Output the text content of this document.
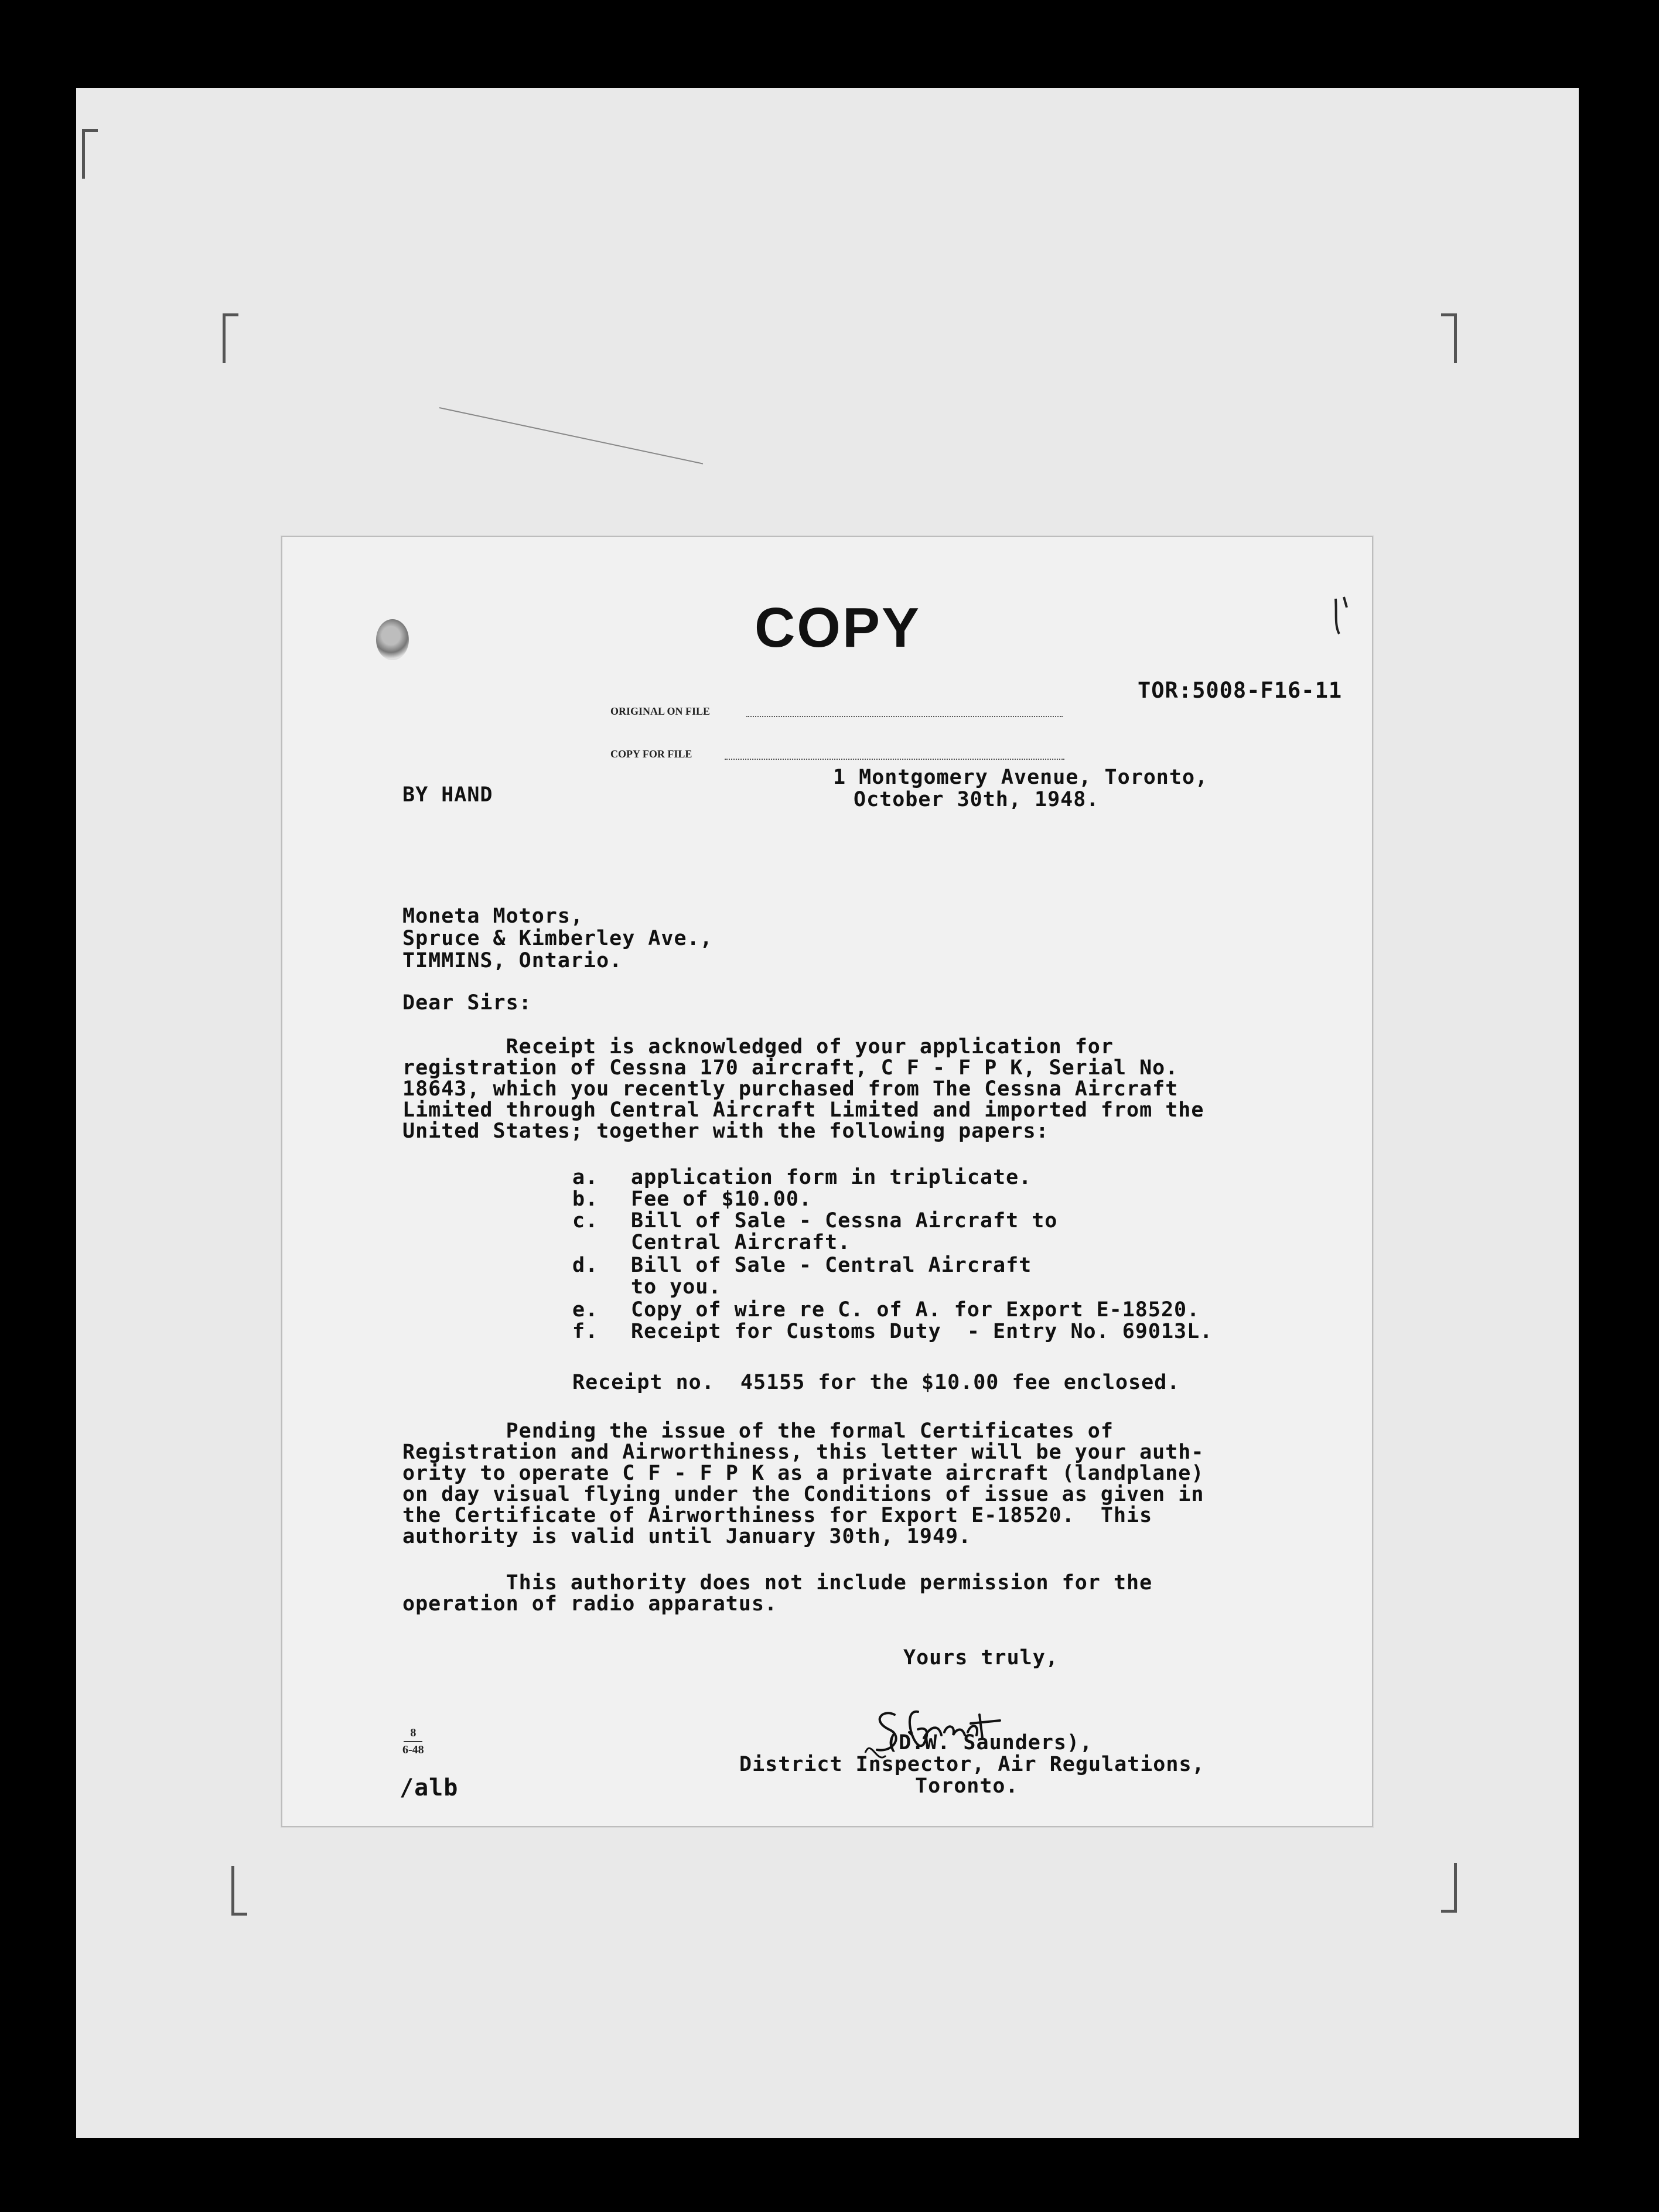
COPY
TOR:5008-F16-11
ORIGINAL ON FILE
COPY FOR FILE
BY HAND
1 Montgomery Avenue, Toronto,
October 30th, 1948.
Moneta Motors,
Spruce & Kimberley Ave.,
TIMMINS, Ontario.
Dear Sirs:
Receipt is acknowledged of your application for
registration of Cessna 170 aircraft, C F - F P K, Serial No.
18643, which you recently purchased from The Cessna Aircraft
Limited through Central Aircraft Limited and imported from the
United States; together with the following papers:
a. application form in triplicate.
b. Fee of $10.00.
c. Bill of Sale - Cessna Aircraft to
Central Aircraft.
d. Bill of Sale - Central Aircraft
to you.
e. Copy of wire re C. of A. for Export E-18520.
f. Receipt for Customs Duty  - Entry No. 69013L.
Receipt no.  45155 for the $10.00 fee enclosed.
Pending the issue of the formal Certificates of
Registration and Airworthiness, this letter will be your auth-
ority to operate C F - F P K as a private aircraft (landplane)
on day visual flying under the Conditions of issue as given in
the Certificate of Airworthiness for Export E-18520.  This
authority is valid until January 30th, 1949.
This authority does not include permission for the
operation of radio apparatus.
Yours truly,
(D.W. Saunders),
District Inspector, Air Regulations,
Toronto.
8
6-48
/alb
